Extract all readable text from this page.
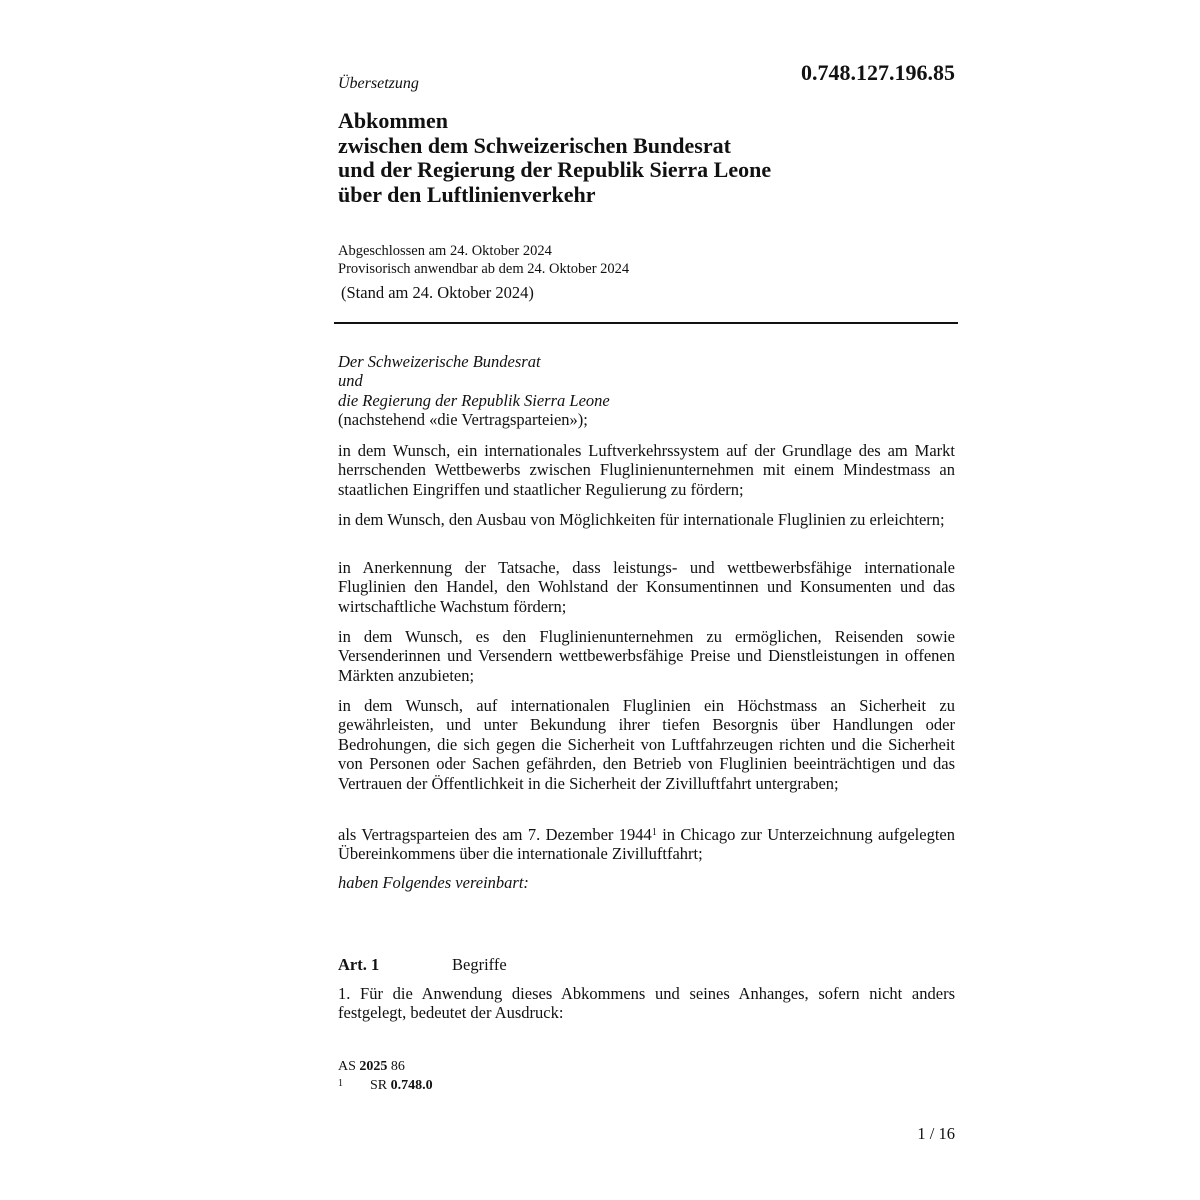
Übersetzung	0.748.127.196.85
Abkommen
zwischen dem Schweizerischen Bundesrat
und der Regierung der Republik Sierra Leone
über den Luftlinienverkehr
Abgeschlossen am 24. Oktober 2024
Provisorisch anwendbar ab dem 24. Oktober 2024
(Stand am 24. Oktober 2024)
Der Schweizerische Bundesrat
und
die Regierung der Republik Sierra Leone
(nachstehend «die Vertragsparteien»);
in dem Wunsch, ein internationales Luftverkehrssystem auf der Grundlage des am Markt herrschenden Wettbewerbs zwischen Fluglinienunternehmen mit einem Mindestmass an staatlichen Eingriffen und staatlicher Regulierung zu fördern;
in dem Wunsch, den Ausbau von Möglichkeiten für internationale Fluglinien zu erleichtern;
in Anerkennung der Tatsache, dass leistungs- und wettbewerbsfähige internationale Fluglinien den Handel, den Wohlstand der Konsumentinnen und Konsumenten und das wirtschaftliche Wachstum fördern;
in dem Wunsch, es den Fluglinienunternehmen zu ermöglichen, Reisenden sowie Versenderinnen und Versendern wettbewerbsfähige Preise und Dienstleistungen in offenen Märkten anzubieten;
in dem Wunsch, auf internationalen Fluglinien ein Höchstmass an Sicherheit zu gewährleisten, und unter Bekundung ihrer tiefen Besorgnis über Handlungen oder Bedrohungen, die sich gegen die Sicherheit von Luftfahrzeugen richten und die Sicherheit von Personen oder Sachen gefährden, den Betrieb von Fluglinien beeinträchtigen und das Vertrauen der Öffentlichkeit in die Sicherheit der Zivilluftfahrt untergraben;
als Vertragsparteien des am 7. Dezember 1944$^1$ in Chicago zur Unterzeichnung aufgelegten Übereinkommens über die internationale Zivilluftfahrt;
haben Folgendes vereinbart:
Art. 1	Begriffe
1. Für die Anwendung dieses Abkommens und seines Anhanges, sofern nicht anders festgelegt, bedeutet der Ausdruck:
AS 2025 86
$^1$ SR 0.748.0
1 / 16
